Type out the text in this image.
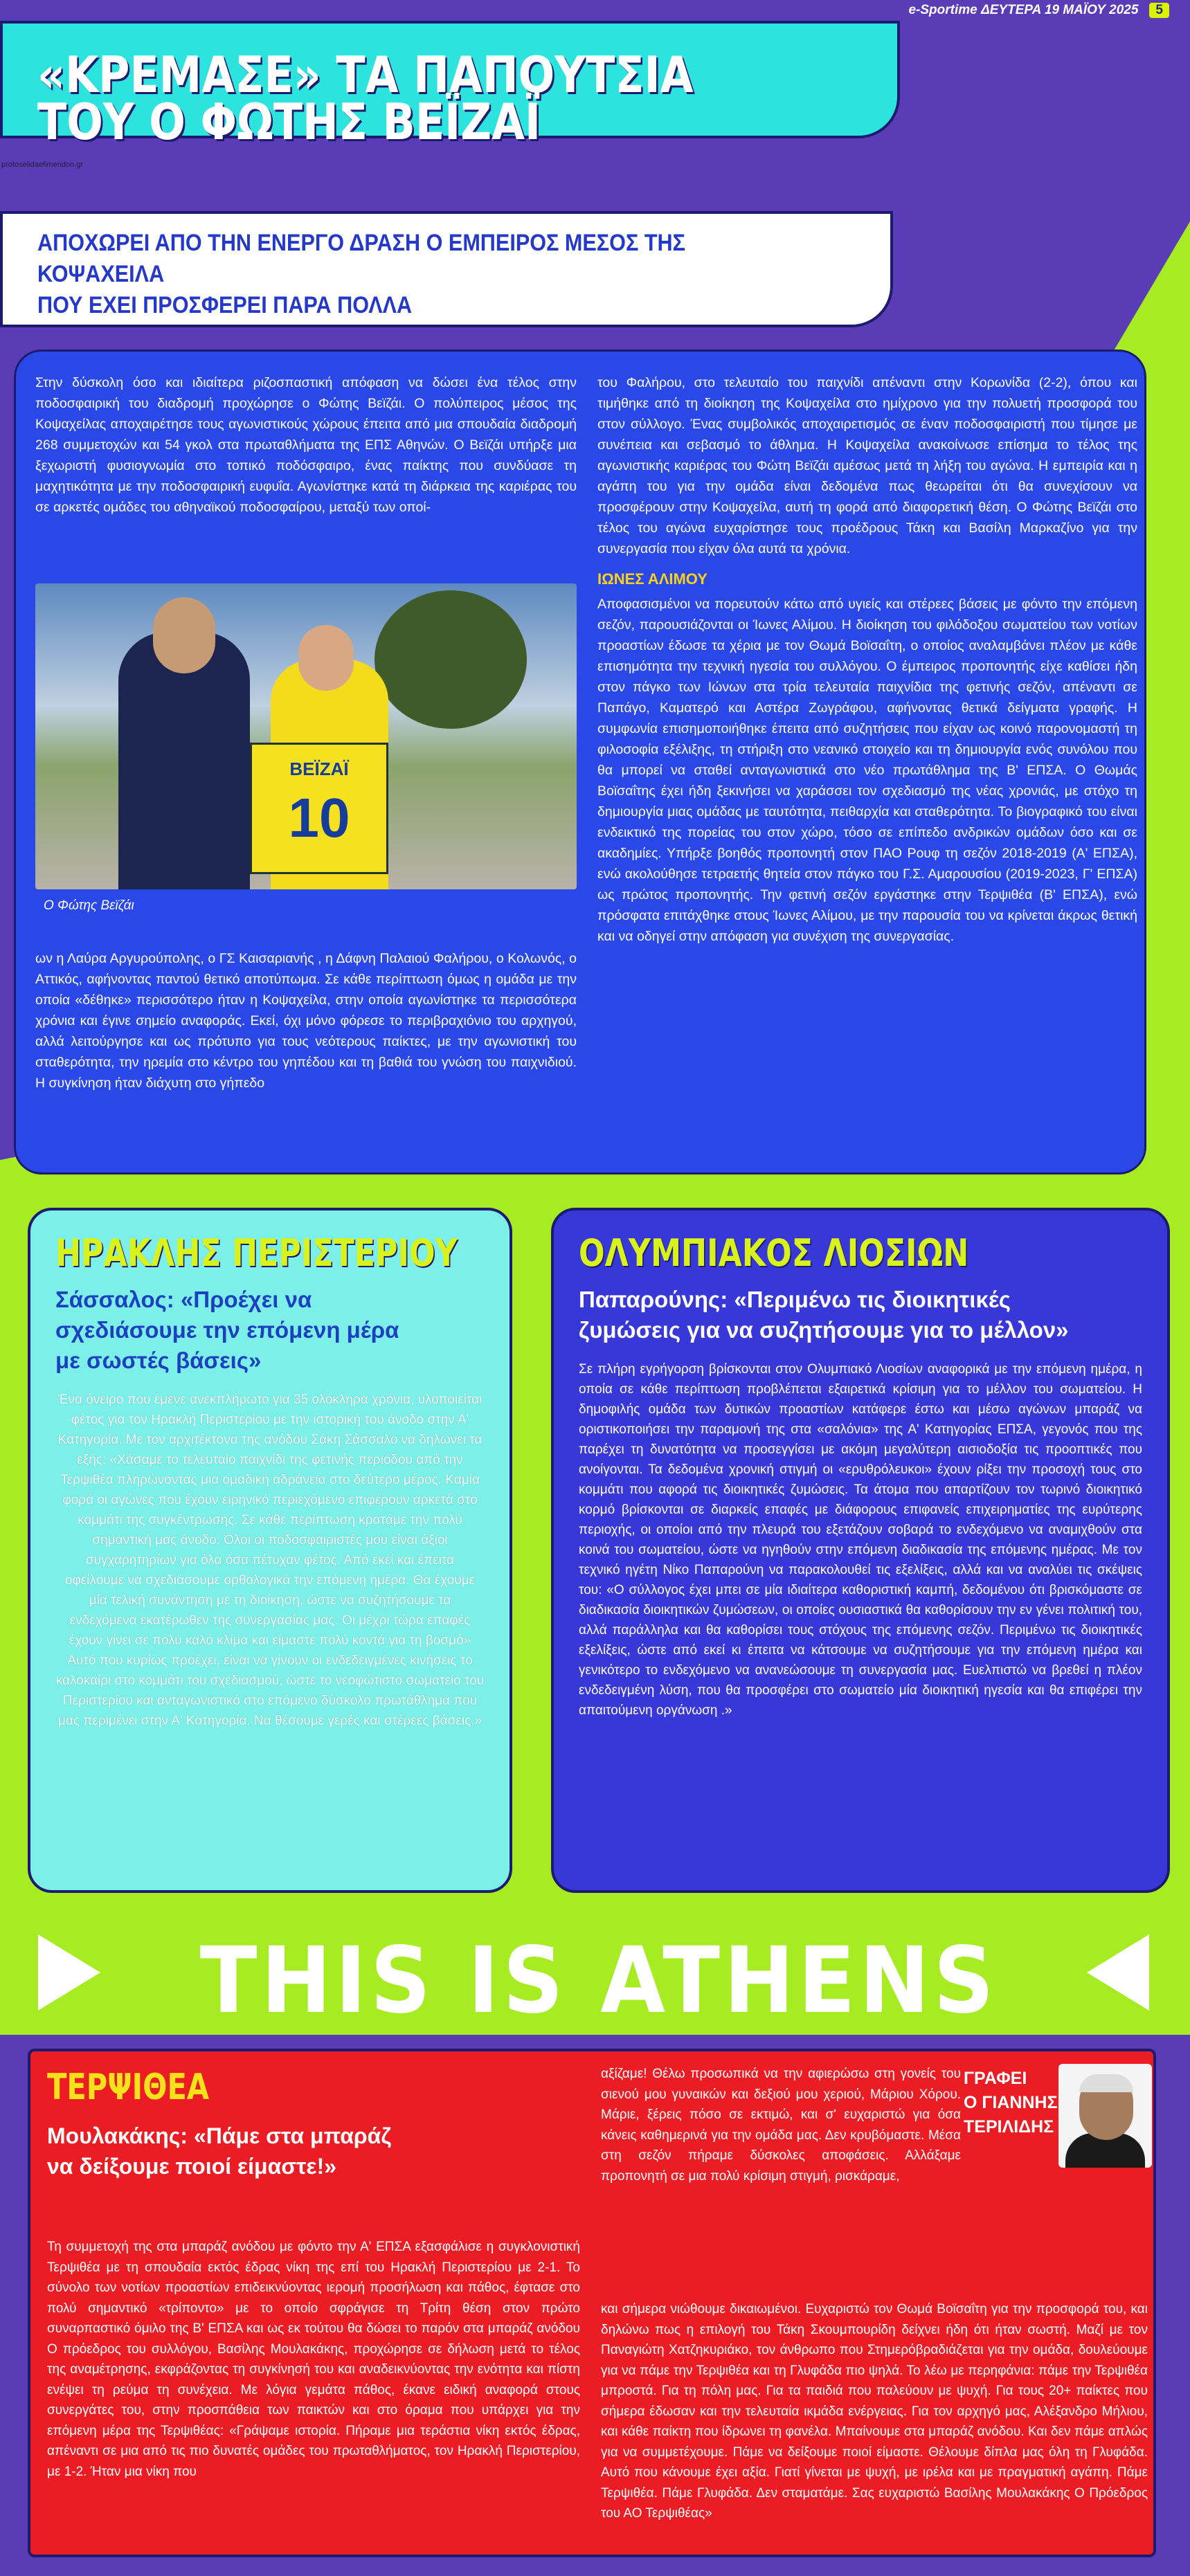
e-Sportime ΔΕΥΤΕΡΑ 19 ΜΑΪΟΥ 2025	5
«ΚΡΕΜΑΣΕ» ΤΑ ΠΑΠΟΥΤΣΙΑ
ΤΟΥ Ο ΦΩΤΗΣ ΒΕΪΖΑΪ
protoselidaefimeridon.gr
ΑΠΟΧΩΡΕΙ ΑΠΟ ΤΗΝ ΕΝΕΡΓΟ ΔΡΑΣΗ Ο ΕΜΠΕΙΡΟΣ ΜΕΣΟΣ ΤΗΣ ΚΟΨΑΧΕΙΛΑ
ΠΟΥ ΕΧΕΙ ΠΡΟΣΦΕΡΕΙ ΠΑΡΑ ΠΟΛΛΑ
Στην δύσκολη όσο και ιδιαίτερα ριζοσπαστική απόφαση να δώσει ένα τέλος στην ποδοσφαιρική του διαδρομή προχώρησε ο Φώτης Βεϊζάι. Ο πολύπειρος μέσος της Κοψαχείλας αποχαιρέτησε τους αγωνιστικούς χώρους έπειτα από μια σπουδαία διαδρομή 268 συμμετοχών και 54 γκολ στα πρωταθλήματα της ΕΠΣ Αθηνών. Ο Βεϊζάι υπήρξε μια ξεχωριστή φυσιογνωμία στο τοπικό ποδόσφαιρο, ένας παίκτης που συνδύασε τη μαχητικότητα με την ποδοσφαιρική ευφυΐα. Αγωνίστηκε κατά τη διάρκεια της καριέρας του σε αρκετές ομάδες του αθηναϊκού ποδοσφαίρου, μεταξύ των οποί-
ΒΕΪΖΑΪ
10
Ο Φώτης Βεϊζάι
ων η Λαύρα Αργυρούπολης, ο ΓΣ Καισαριανής , η Δάφνη Παλαιού Φαλήρου, ο Κολωνός, ο Αττικός, αφήνοντας παντού θετικό αποτύπωμα. Σε κάθε περίπτωση όμως η ομάδα με την οποία «δέθηκε» περισσότερο ήταν η Κοψαχείλα, στην οποία αγωνίστηκε τα περισσότερα χρόνια και έγινε σημείο αναφοράς. Εκεί, όχι μόνο φόρεσε το περιβραχιόνιο του αρχηγού, αλλά λειτούργησε και ως πρότυπο για τους νεότερους παίκτες, με την αγωνιστική του σταθερότητα, την ηρεμία στο κέντρο του γηπέδου και τη βαθιά του γνώση του παιχνιδιού. Η συγκίνηση ήταν διάχυτη στο γήπεδο
του Φαλήρου, στο τελευταίο του παιχνίδι απέναντι στην Κορωνίδα (2-2), όπου και τιμήθηκε από τη διοίκηση της Κοψαχείλα στο ημίχρονο για την πολυετή προσφορά του στον σύλλογο. Ένας συμβολικός αποχαιρετισμός σε έναν ποδοσφαιριστή που τίμησε με συνέπεια και σεβασμό το άθλημα. Η Κοψαχείλα ανακοίνωσε επίσημα το τέλος της αγωνιστικής καριέρας του Φώτη Βεϊζάι αμέσως μετά τη λήξη του αγώνα. Η εμπειρία και η αγάπη του για την ομάδα είναι δεδομένα πως θεωρείται ότι θα συνεχίσουν να προσφέρουν στην Κοψαχείλα, αυτή τη φορά από διαφορετική θέση. Ο Φώτης Βεϊζάι στο τέλος του αγώνα ευχαρίστησε τους προέδρους Τάκη και Βασίλη Μαρκαζίνο για την συνεργασία που είχαν όλα αυτά τα χρόνια.
ΙΩΝΕΣ ΑΛΙΜΟΥ
Αποφασισμένοι να πορευτούν κάτω από υγιείς και στέρεες βάσεις με φόντο την επόμενη σεζόν, παρουσιάζονται οι Ίωνες Αλίμου. Η διοίκηση του φιλόδοξου σωματείου των νοτίων προαστίων έδωσε τα χέρια με τον Θωμά Βοϊσαΐτη, ο οποίος αναλαμβάνει πλέον με κάθε επισημότητα την τεχνική ηγεσία του συλλόγου. Ο έμπειρος προπονητής είχε καθίσει ήδη στον πάγκο των Ιώνων στα τρία τελευταία παιχνίδια της φετινής σεζόν, απέναντι σε Παπάγο, Καματερό και Αστέρα Ζωγράφου, αφήνοντας θετικά δείγματα γραφής. Η συμφωνία επισημοποιήθηκε έπειτα από συζητήσεις που είχαν ως κοινό παρονομαστή τη φιλοσοφία εξέλιξης, τη στήριξη στο νεανικό στοιχείο και τη δημιουργία ενός συνόλου που θα μπορεί να σταθεί ανταγωνιστικά στο νέο πρωτάθλημα της Β' ΕΠΣΑ. Ο Θωμάς Βοϊσαΐτης έχει ήδη ξεκινήσει να χαράσσει τον σχεδιασμό της νέας χρονιάς, με στόχο τη δημιουργία μιας ομάδας με ταυτότητα, πειθαρχία και σταθερότητα. Το βιογραφικό του είναι ενδεικτικό της πορείας του στον χώρο, τόσο σε επίπεδο ανδρικών ομάδων όσο και σε ακαδημίες. Υπήρξε βοηθός προπονητή στον ΠΑΟ Ρουφ τη σεζόν 2018-2019 (Α' ΕΠΣΑ), ενώ ακολούθησε τετραετής θητεία στον πάγκο του Γ.Σ. Αμαρουσίου (2019-2023, Γ' ΕΠΣΑ) ως πρώτος προπονητής. Την φετινή σεζόν εργάστηκε στην Τερψιθέα (Β' ΕΠΣΑ), ενώ πρόσφατα επιτάχθηκε στους Ίωνες Αλίμου, με την παρουσία του να κρίνεται άκρως θετική και να οδηγεί στην απόφαση για συνέχιση της συνεργασίας.
ΗΡΑΚΛΗΣ ΠΕΡΙΣΤΕΡΙΟΥ
Σάσσαλος: «Προέχει να
σχεδιάσουμε την επόμενη μέρα
με σωστές βάσεις»
Ένα όνειρο που έμενε ανεκπλήρωτο για 35 ολόκληρα χρόνια, υλοποιείται φέτος για τον Ηρακλή Περιστερίου με την ιστορική του άνοδο στην Α' Κατηγορία. Με τον αρχιτέκτονα της ανόδου Σάκη Σάσσαλο να δηλώνει τα εξής: «Χάσαμε το τελευταίο παιχνίδι της φετινής περιόδου από την Τερψιθέα πληρώνοντας μια ομαδική αδράνεια στο δεύτερο μέρος. Καμία φορά οι αγώνες που έχουν ειρηνικό περιεχόμενο επιφέρουν αρκετά στο κομμάτι της συγκέντρωσης. Σε κάθε περίπτωση κρατάμε την πολύ σημαντική μας άνοδο. Όλοι οι ποδοσφαιριστές μου είναι άξιοι συγχαρητηρίων για όλα όσα πέτυχαν φέτος. Από εκεί και έπειτα οφείλουμε να σχεδιάσουμε ορθολογικά την επόμενη ημέρα. Θα έχουμε μία τελική συνάντηση με τη διοίκηση, ώστε να συζητήσουμε τα ενδεχόμενα εκατέρωθεν της συνεργασίας μας. Οι μέχρι τώρα επαφές έχουν γίνει σε πολύ καλό κλίμα και είμαστε πολύ κοντά για τη βοσμό» Αυτό που κυρίως προέχει, είναι να γίνουν οι ενδεδειγμένες κινήσεις το καλοκαίρι στο κομμάτι του σχεδιασμού, ώστε το νεοφώτιστο σωματείο του Περιστερίου και ανταγωνιστικό στο επόμενο δύσκολο πρωτάθλημα που μας περιμένει στην Α' Κατηγορία. Να θέσουμε γερές και στέρεες βάσεις.»
ΟΛΥΜΠΙΑΚΟΣ ΛΙΟΣΙΩΝ
Παπαρούνης: «Περιμένω τις διοικητικές
ζυμώσεις για να συζητήσουμε για το μέλλον»
Σε πλήρη εγρήγορση βρίσκονται στον Ολυμπιακό Λιοσίων αναφορικά με την επόμενη ημέρα, η οποία σε κάθε περίπτωση προβλέπεται εξαιρετικά κρίσιμη για το μέλλον του σωματείου. Η δημοφιλής ομάδα των δυτικών προαστίων κατάφερε έστω και μέσω αγώνων μπαράζ να οριστικοποιήσει την παραμονή της στα «σαλόνια» της Α' Κατηγορίας ΕΠΣΑ, γεγονός που της παρέχει τη δυνατότητα να προσεγγίσει με ακόμη μεγαλύτερη αισιοδοξία τις προοπτικές που ανοίγονται. Τα δεδομένα χρονική στιγμή οι «ερυθρόλευκοι» έχουν ρίξει την προσοχή τους στο κομμάτι που αφορά τις διοικητικές ζυμώσεις. Τα άτομα που απαρτίζουν τον τωρινό διοικητικό κορμό βρίσκονται σε διαρκείς επαφές με διάφορους επιφανείς επιχειρηματίες της ευρύτερης περιοχής, οι οποίοι από την πλευρά του εξετάζουν σοβαρά το ενδεχόμενο να αναμιχθούν στα κοινά του σωματείου, ώστε να ηγηθούν στην επόμενη διαδικασία της επόμενης ημέρας. Με τον τεχνικό ηγέτη Νίκο Παπαρούνη να παρακολουθεί τις εξελίξεις, αλλά και να αναλύει τις σκέψεις του: «Ο σύλλογος έχει μπει σε μία ιδιαίτερα καθοριστική καμπή, δεδομένου ότι βρισκόμαστε σε διαδικασία διοικητικών ζυμώσεων, οι οποίες ουσιαστικά θα καθορίσουν την εν γένει πολιτική του, αλλά παράλληλα και θα καθορίσει τους στόχους της επόμενης σεζόν. Περιμένω τις διοικητικές εξελίξεις, ώστε από εκεί κι έπειτα να κάτσουμε να συζητήσουμε για την επόμενη ημέρα και γενικότερο το ενδεχόμενο να ανανεώσουμε τη συνεργασία μας. Ευελπιστώ να βρεθεί η πλέον ενδεδειγμένη λύση, που θα προσφέρει στο σωματείο μία διοικητική ηγεσία και θα επιφέρει την απαιτούμενη οργάνωση .»
THIS IS ATHENS
ΤΕΡΨΙΘΕΑ
Μουλακάκης: «Πάμε στα μπαράζ
να δείξουμε ποιοί είμαστε!»
Τη συμμετοχή της στα μπαράζ ανόδου με φόντο την Α' ΕΠΣΑ εξασφάλισε η συγκλονιστική Τερψιθέα με τη σπουδαία εκτός έδρας νίκη της επί του Ηρακλή Περιστερίου με 2-1. Το σύνολο των νοτίων προαστίων επιδεικνύοντας ιερομή προσήλωση και πάθος, έφτασε στο πολύ σημαντικό «τρίποντο» με το οποίο σφράγισε τη Τρίτη θέση στον πρώτο συναρπαστικό όμιλο της Β' ΕΠΣΑ και ως εκ τούτου θα δώσει το παρόν στα μπαράζ ανόδου Ο πρόεδρος του συλλόγου, Βασίλης Μουλακάκης, προχώρησε σε δήλωση μετά το τέλος της αναμέτρησης, εκφράζοντας τη συγκίνησή του και αναδεικνύοντας την ενότητα και πίστη ενέψει τη ρεύμα τη συνέχεια. Με λόγια γεμάτα πάθος, έκανε ειδική αναφορά στους συνεργάτες του, στην προσπάθεια των παικτών και στο όραμα που υπάρχει για την επόμενη μέρα της Τερψιθέας: «Γράψαμε ιστορία. Πήραμε μια τεράστια νίκη εκτός έδρας, απέναντι σε μια από τις πιο δυνατές ομάδες του πρωταθλήματος, τον Ηρακλή Περιστερίου, με 1-2. Ήταν μια νίκη που
αξίζαμε! Θέλω προσωπικά να την αφιερώσω στη γονείς του σιενού μου γυναικών και δεξιού μου χεριού, Μάριου Χόρου. Μάριε, ξέρεις πόσο σε εκτιμώ, και σ' ευχαριστώ για όσα κάνεις καθημερινά για την ομάδα μας. Δεν κρυβόμαστε. Μέσα στη σεζόν πήραμε δύσκολες αποφάσεις. Αλλάξαμε προπονητή σε μια πολύ κρίσιμη στιγμή, ρισκάραμε,
ΓΡΑΦΕΙ
Ο ΓΙΑΝΝΗΣ
ΤΕΡΙΛΙΔΗΣ
και σήμερα νιώθουμε δικαιωμένοι. Ευχαριστώ τον Θωμά Βοϊσαΐτη για την προσφορά του, και δηλώνω πως η επιλογή του Τάκη Σκουμπουρίδη δείχνει ήδη ότι ήταν σωστή. Μαζί με τον Παναγιώτη Χατζηκυριάκο, τον άνθρωπο που Στημερόβραδιάζεται για την ομάδα, δουλεύουμε για να πάμε την Τερψιθέα και τη Γλυφάδα πιο ψηλά. Το λέω με περηφάνια: πάμε την Τερψιθέα μπροστά. Για τη πόλη μας. Για τα παιδιά που παλεύουν με ψυχή. Για τους 20+ παίκτες που σήμερα έδωσαν και την τελευταία ικμάδα ενέργειας. Για τον αρχηγό μας, Αλέξανδρο Μήλιου, και κάθε παίκτη που ίδρωνει τη φανέλα. Μπαίνουμε στα μπαράζ ανόδου. Και δεν πάμε απλώς για να συμμετέχουμε. Πάμε να δείξουμε ποιοί είμαστε. Θέλουμε δίπλα μας όλη τη Γλυφάδα. Αυτό που κάνουμε έχει αξία. Γιατί γίνεται με ψυχή, με ιρέλα και με πραγματική αγάπη. Πάμε Τερψιθέα. Πάμε Γλυφάδα. Δεν σταματάμε. Σας ευχαριστώ Βασίλης Μουλακάκης Ο Πρόεδρος του ΑΟ Τερψιθέας»
